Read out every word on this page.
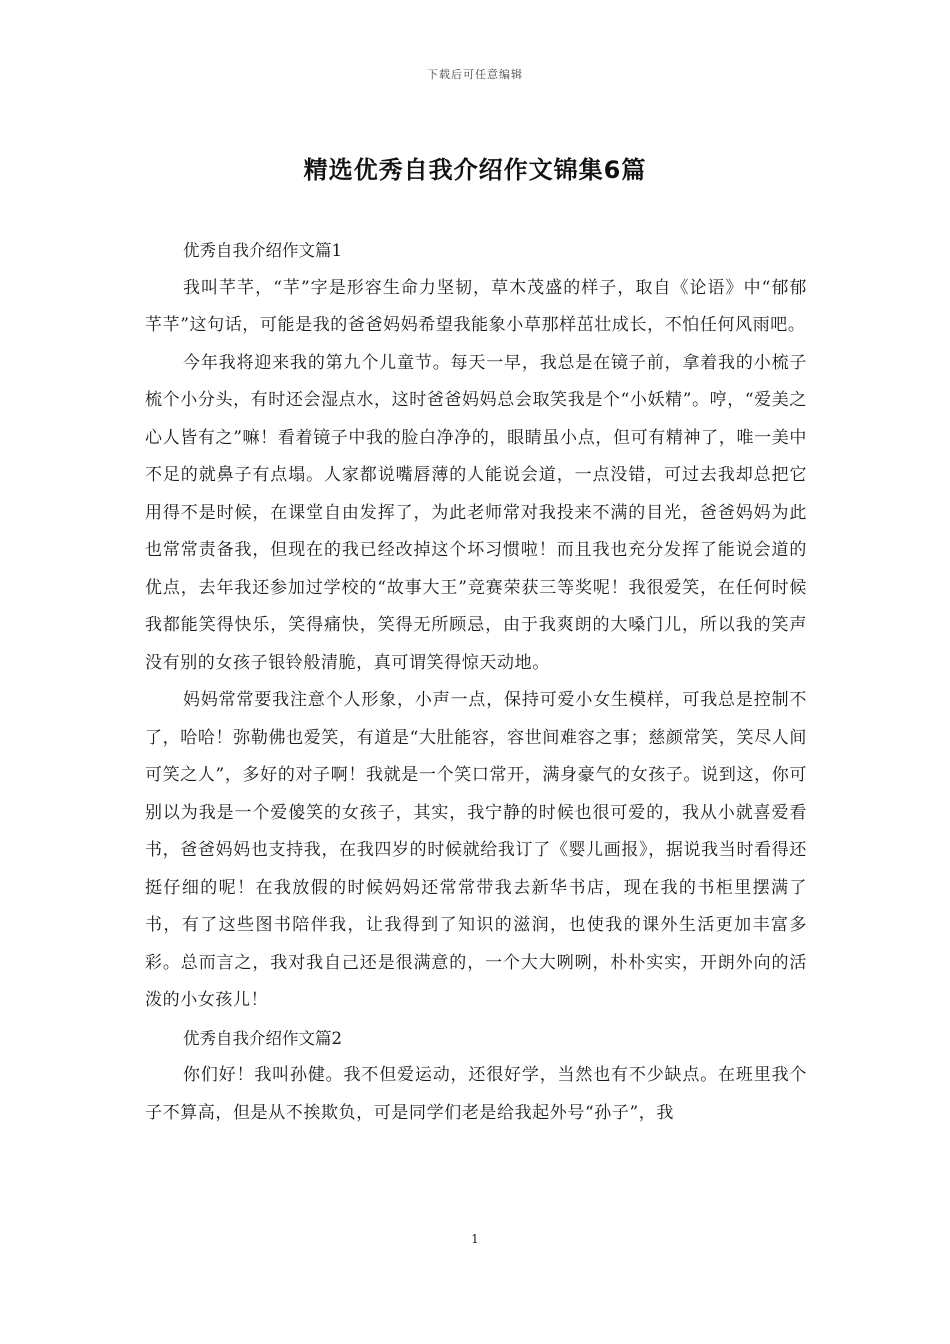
下载后可任意编辑
精选优秀自我介绍作文锦集6篇

优秀自我介绍作文篇1

我叫芊芊，“芊”字是形容生命力坚韧，草木茂盛的样子，取自《论语》中“郁郁芊芊”这句话，可能是我的爸爸妈妈希望我能象小草那样茁壮成长，不怕任何风雨吧。

今年我将迎来我的第九个儿童节。每天一早，我总是在镜子前，拿着我的小梳子梳个小分头，有时还会湿点水，这时爸爸妈妈总会取笑我是个“小妖精”。哼，“爱美之心人皆有之”嘛！看着镜子中我的脸白净净的，眼睛虽小点，但可有精神了，唯一美中不足的就鼻子有点塌。人家都说嘴唇薄的人能说会道，一点没错，可过去我却总把它用得不是时候，在课堂自由发挥了，为此老师常对我投来不满的目光，爸爸妈妈为此也常常责备我，但现在的我已经改掉这个坏习惯啦！而且我也充分发挥了能说会道的优点，去年我还参加过学校的“故事大王”竞赛荣获三等奖呢！我很爱笑，在任何时候我都能笑得快乐，笑得痛快，笑得无所顾忌，由于我爽朗的大嗓门儿，所以我的笑声没有别的女孩子银铃般清脆，真可谓笑得惊天动地。

妈妈常常要我注意个人形象，小声一点，保持可爱小女生模样，可我总是控制不了，哈哈！弥勒佛也爱笑，有道是“大肚能容，容世间难容之事；慈颜常笑，笑尽人间可笑之人”，多好的对子啊！我就是一个笑口常开，满身豪气的女孩子。说到这，你可别以为我是一个爱傻笑的女孩子，其实，我宁静的时候也很可爱的，我从小就喜爱看书，爸爸妈妈也支持我，在我四岁的时候就给我订了《婴儿画报》，据说我当时看得还挺仔细的呢！在我放假的时候妈妈还常常带我去新华书店，现在我的书柜里摆满了书，有了这些图书陪伴我，让我得到了知识的滋润，也使我的课外生活更加丰富多彩。总而言之，我对我自己还是很满意的，一个大大咧咧，朴朴实实，开朗外向的活泼的小女孩儿！

优秀自我介绍作文篇2

你们好！我叫孙健。我不但爱运动，还很好学，当然也有不少缺点。在班里我个子不算高，但是从不挨欺负，可是同学们老是给我起外号“孙子”，我

1
